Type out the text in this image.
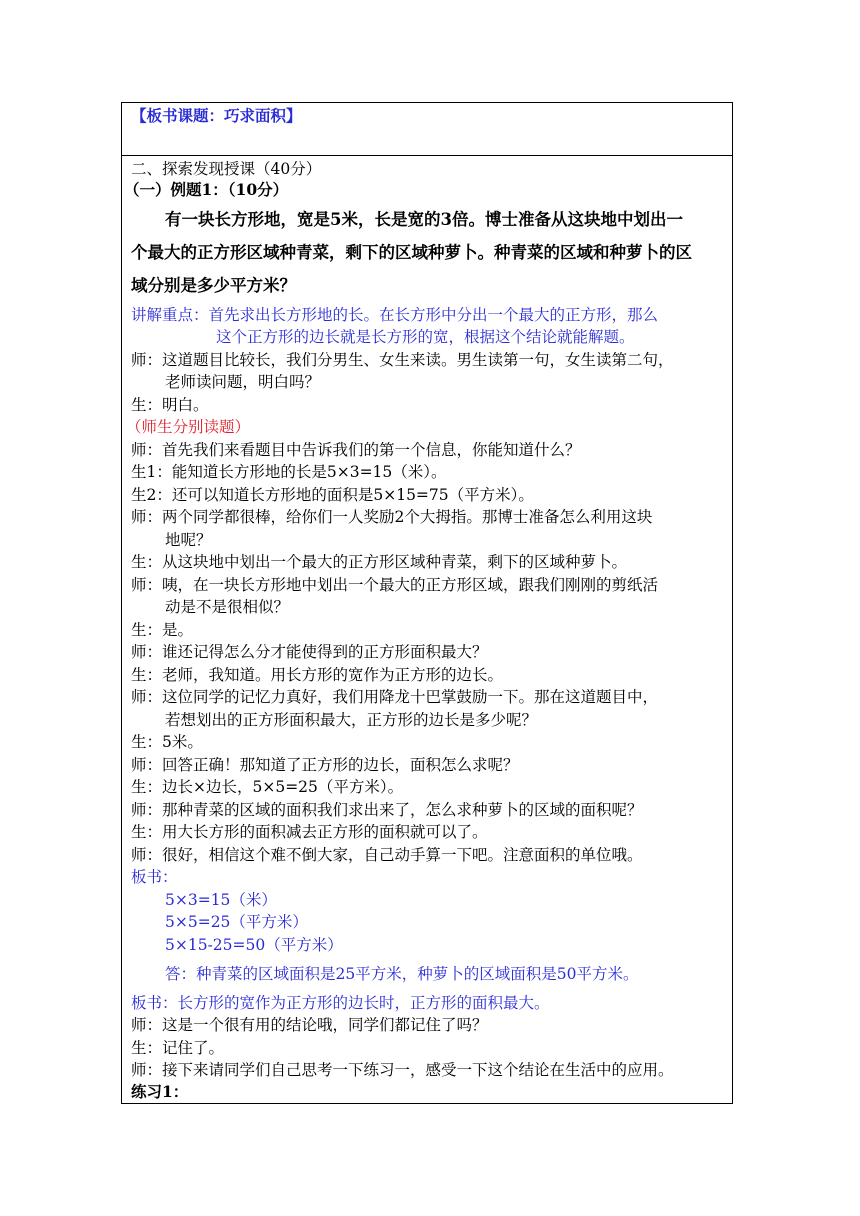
【板书课题：巧求面积】
二、探索发现授课（40分）
（一）例题1：（10分）
有一块长方形地，宽是5米，长是宽的3倍。博士准备从这块地中划出一
个最大的正方形区域种青菜，剩下的区域种萝卜。种青菜的区域和种萝卜的区
域分别是多少平方米？
讲解重点：首先求出长方形地的长。在长方形中分出一个最大的正方形，那么
这个正方形的边长就是长方形的宽，根据这个结论就能解题。
师：这道题目比较长，我们分男生、女生来读。男生读第一句，女生读第二句，
老师读问题，明白吗？
生：明白。
（师生分别读题）
师：首先我们来看题目中告诉我们的第一个信息，你能知道什么？
生1：能知道长方形地的长是5×3=15（米）。
生2：还可以知道长方形地的面积是5×15=75（平方米）。
师：两个同学都很棒，给你们一人奖励2个大拇指。那博士准备怎么利用这块
地呢？
生：从这块地中划出一个最大的正方形区域种青菜，剩下的区域种萝卜。
师：咦，在一块长方形地中划出一个最大的正方形区域，跟我们刚刚的剪纸活
动是不是很相似？
生：是。
师：谁还记得怎么分才能使得到的正方形面积最大？
生：老师，我知道。用长方形的宽作为正方形的边长。
师：这位同学的记忆力真好，我们用降龙十巴掌鼓励一下。那在这道题目中，
若想划出的正方形面积最大，正方形的边长是多少呢？
生：5米。
师：回答正确！那知道了正方形的边长，面积怎么求呢？
生：边长×边长，5×5=25（平方米）。
师：那种青菜的区域的面积我们求出来了，怎么求种萝卜的区域的面积呢？
生：用大长方形的面积减去正方形的面积就可以了。
师：很好，相信这个难不倒大家，自己动手算一下吧。注意面积的单位哦。
板书：
5×3=15（米）
5×5=25（平方米）
5×15-25=50（平方米）
答：种青菜的区域面积是25平方米，种萝卜的区域面积是50平方米。
板书：长方形的宽作为正方形的边长时，正方形的面积最大。
师：这是一个很有用的结论哦，同学们都记住了吗？
生：记住了。
师：接下来请同学们自己思考一下练习一，感受一下这个结论在生活中的应用。
练习1：
